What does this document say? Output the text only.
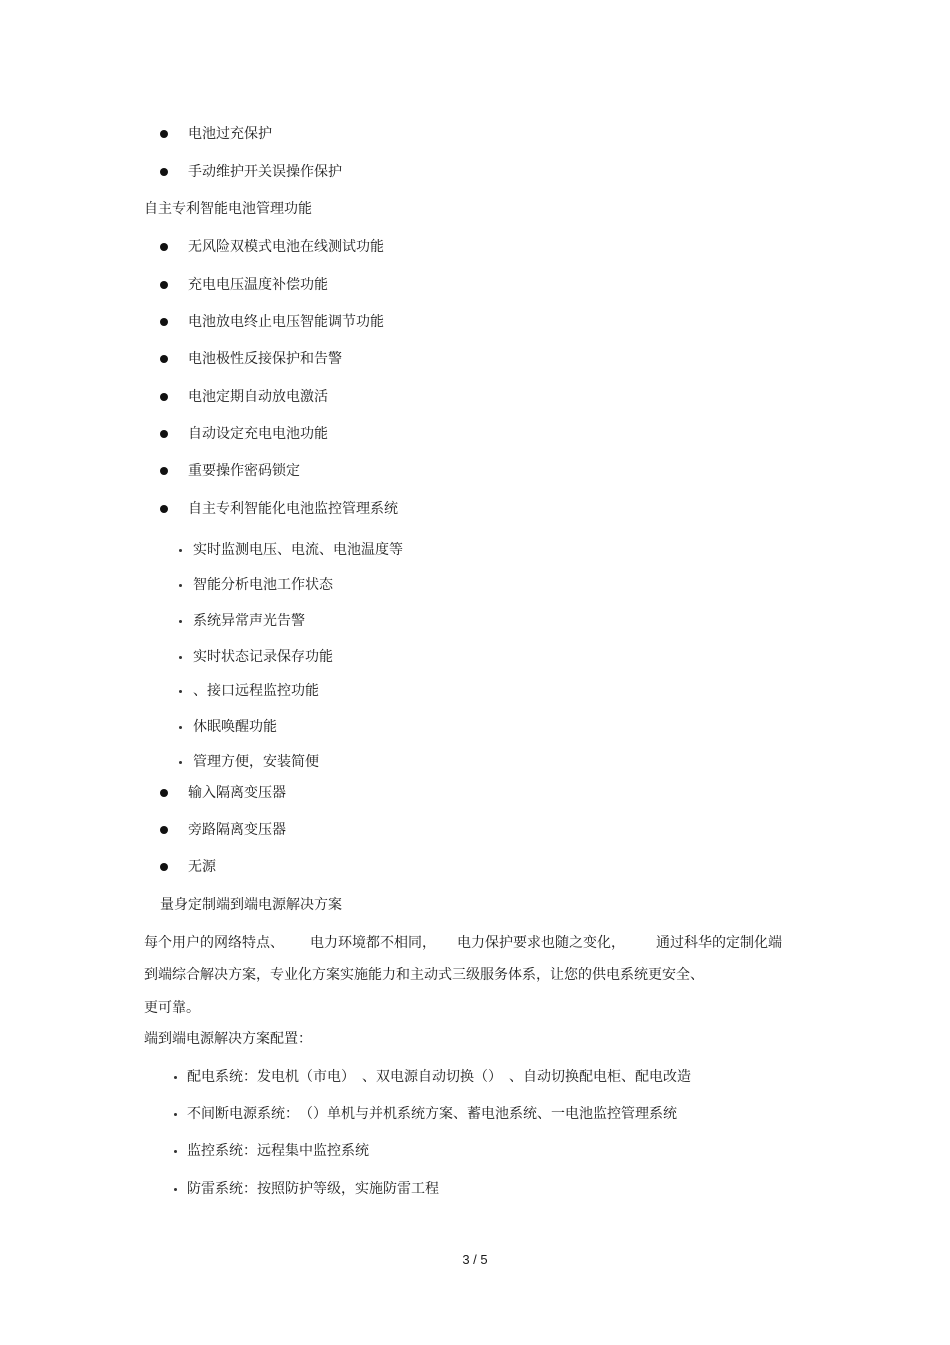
电池过充保护
手动维护开关误操作保护
自主专利智能电池管理功能
无风险双模式电池在线测试功能
充电电压温度补偿功能
电池放电终止电压智能调节功能
电池极性反接保护和告警
电池定期自动放电激活
自动设定充电电池功能
重要操作密码锁定
自主专利智能化电池监控管理系统
实时监测电压、电流、电池温度等
智能分析电池工作状态
系统异常声光告警
实时状态记录保存功能
、接口远程监控功能
休眠唤醒功能
管理方便，安装简便
输入隔离变压器
旁路隔离变压器
无源
量身定制端到端电源解决方案
每个用户的网络特点、 电力环境都不相同， 电力保护要求也随之变化， 通过科华的定制化端
到端综合解决方案，专业化方案实施能力和主动式三级服务体系，让您的供电系统更安全、
更可靠。
端到端电源解决方案配置：
配电系统：发电机（市电）　、双电源自动切换（）　、自动切换配电柜、配电改造
不间断电源系统：　（）单机与并机系统方案、蓄电池系统、一电池监控管理系统
监控系统：远程集中监控系统
防雷系统：按照防护等级，实施防雷工程
3 / 5
